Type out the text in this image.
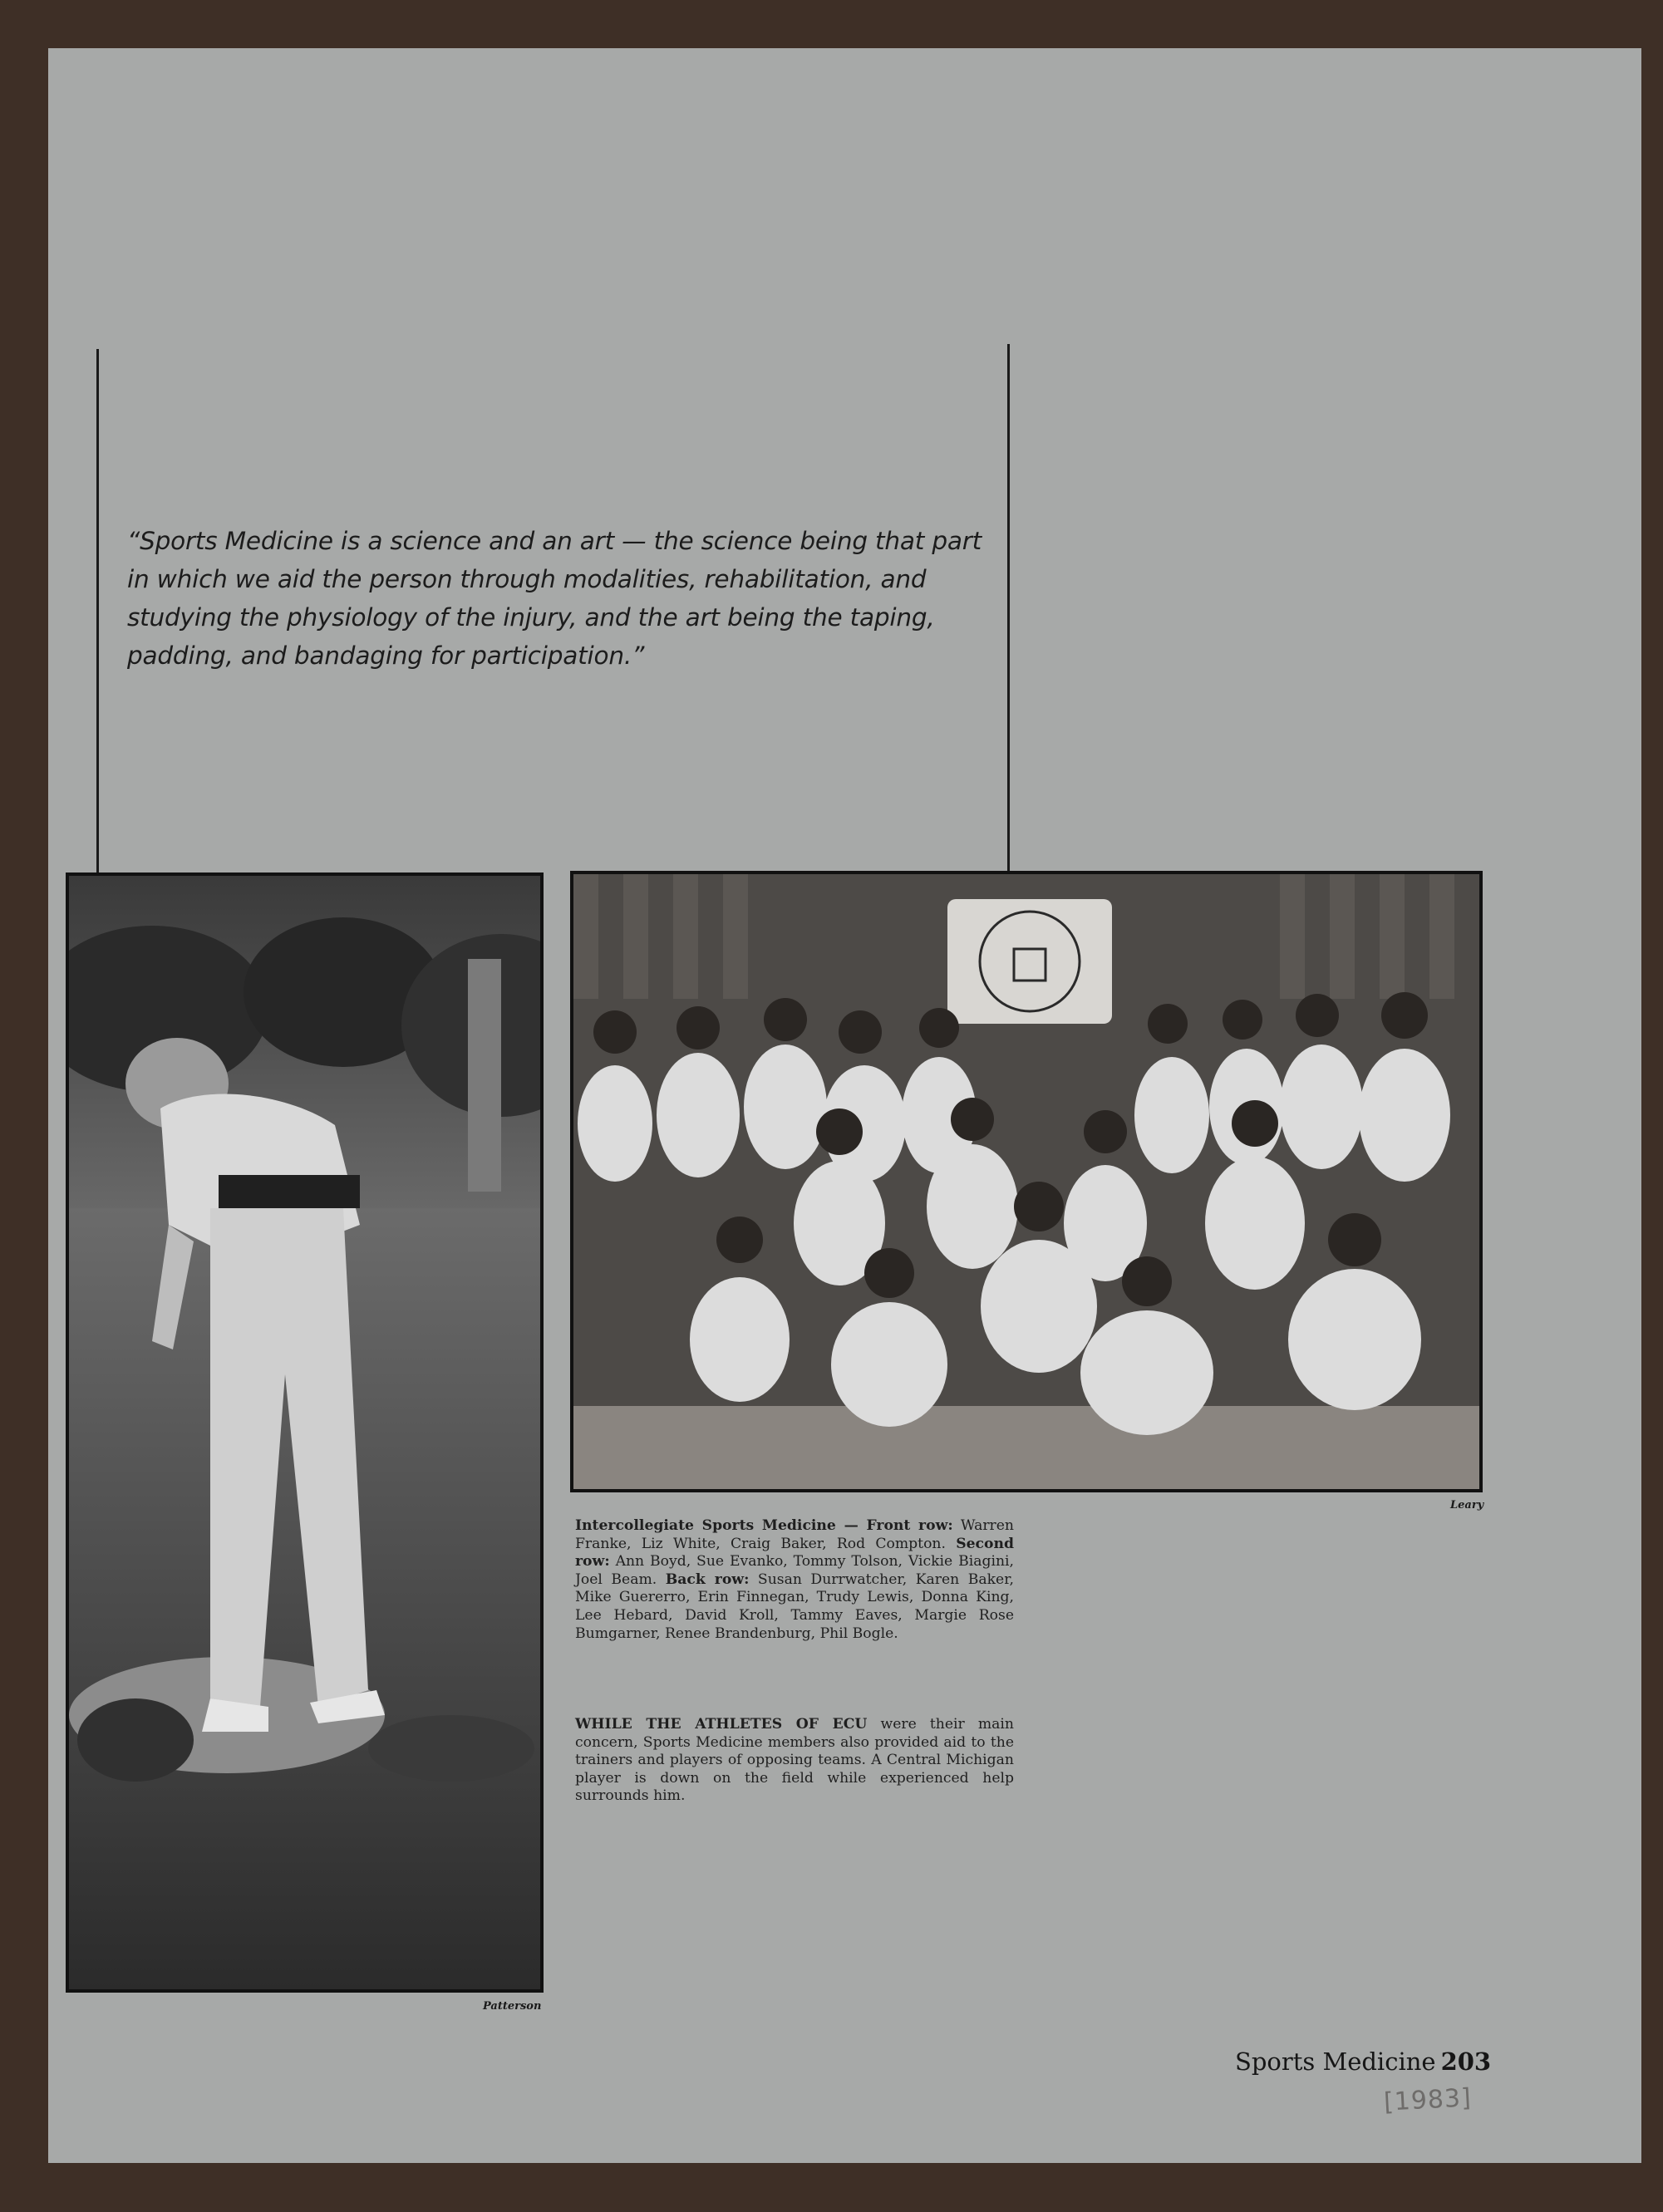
“Sports Medicine is a science and an art — the science being that part in which we aid the person through modalities, rehabilitation, and studying the physiology of the injury, and the art being the taping, padding, and bandaging for participation.”

Patterson
Leary

Intercollegiate Sports Medicine — Front row: Warren Franke, Liz White, Craig Baker, Rod Compton. Second row: Ann Boyd, Sue Evanko, Tommy Tolson, Vickie Biagini, Joel Beam. Back row: Susan Durrwatcher, Karen Baker, Mike Guererro, Erin Finnegan, Trudy Lewis, Donna King, Lee Hebard, David Kroll, Tammy Eaves, Margie Rose Bumgarner, Renee Brandenburg, Phil Bogle.

WHILE THE ATHLETES OF ECU were their main concern, Sports Medicine members also provided aid to the trainers and players of opposing teams. A Central Michigan player is down on the field while experienced help surrounds him.

Sports Medicine 203
[1983]
